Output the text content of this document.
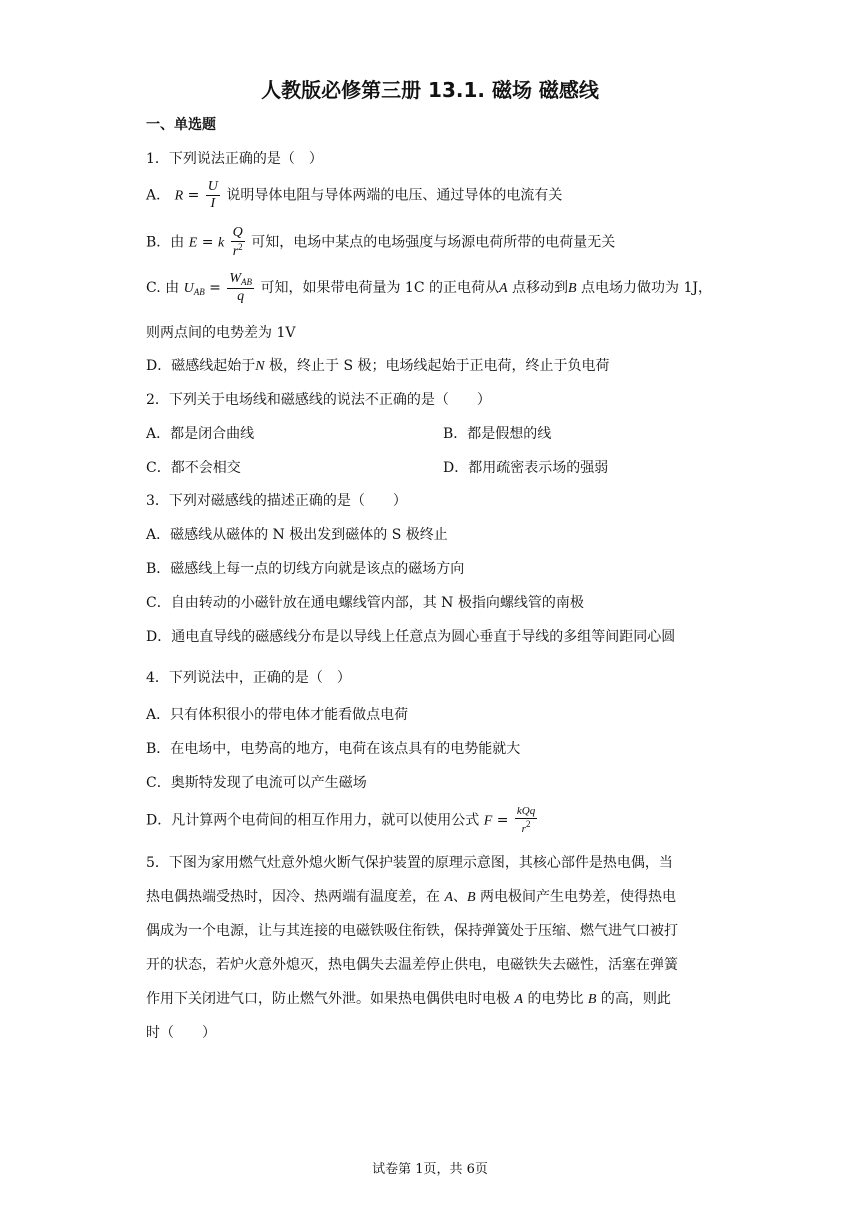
人教版必修第三册 13.1. 磁场 磁感线
一、单选题
1．下列说法正确的是（　）
A． $R = \frac{U}{I}$ 说明导体电阻与导体两端的电压、通过导体的电流有关
B．由 E = k $\frac{Q}{r^2}$ 可知，电场中某点的电场强度与场源电荷所带的电荷量无关
C. 由 $U_{AB} = \frac{W_{AB}}{q}$ 可知，如果带电荷量为 1C 的正电荷从A 点移动到B 点电场力做功为 1J，
则两点间的电势差为 1V
D．磁感线起始于N 极，终止于 S 极；电场线起始于正电荷，终止于负电荷
2．下列关于电场线和磁感线的说法不正确的是（　　）
A．都是闭合曲线	B．都是假想的线
C．都不会相交	D．都用疏密表示场的强弱
3．下列对磁感线的描述正确的是（　　）
A．磁感线从磁体的 N 极出发到磁体的 S 极终止
B．磁感线上每一点的切线方向就是该点的磁场方向
C．自由转动的小磁针放在通电螺线管内部，其 N 极指向螺线管的南极
D．通电直导线的磁感线分布是以导线上任意点为圆心垂直于导线的多组等间距同心圆
4．下列说法中，正确的是（　）
A．只有体积很小的带电体才能看做点电荷
B．在电场中，电势高的地方，电荷在该点具有的电势能就大
C．奥斯特发现了电流可以产生磁场
D．凡计算两个电荷间的相互作用力，就可以使用公式 $F = \frac{\text{kQq}}{r^2}$
5．下图为家用燃气灶意外熄火断气保护装置的原理示意图，其核心部件是热电偶，当
热电偶热端受热时，因冷、热两端有温度差，在 A、B 两电极间产生电势差，使得热电
偶成为一个电源，让与其连接的电磁铁吸住衔铁，保持弹簧处于压缩、燃气进气口被打
开的状态，若炉火意外熄灭，热电偶失去温差停止供电，电磁铁失去磁性，活塞在弹簧
作用下关闭进气口，防止燃气外泄。如果热电偶供电时电极 A 的电势比 B 的高，则此
时（　　）
试卷第 1页，共 6页
